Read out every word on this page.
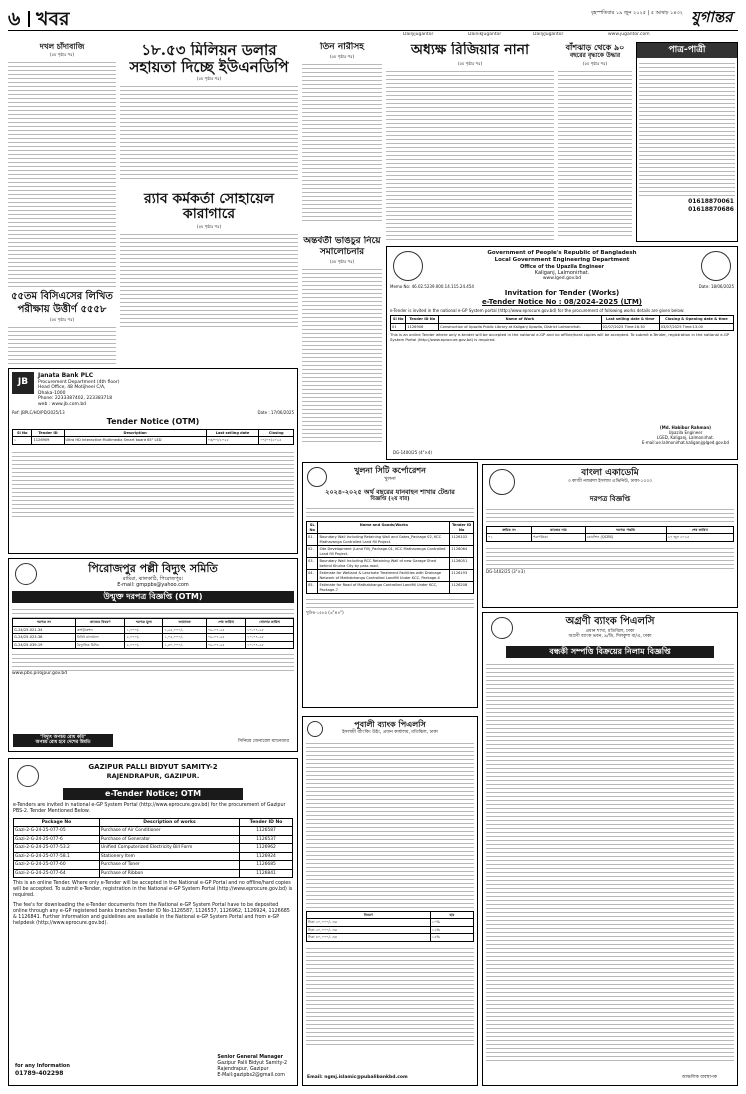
৬ খবর	বৃহস্পতিবার ১৯ জুন ২০২৫ | ৫ আষাঢ় ১৪৩২ যুগান্তর
Dailyjugantor	DainikJugantor	DailyJugantor	www.jugantor.com
দখল চাঁদাবাজি
(৫ম পৃষ্ঠার পর)
৫৫তম বিসিএসের লিখিত পরীক্ষায় উত্তীর্ণ ৫৫৫৮
(৫ম পৃষ্ঠার পর)
১৮.৫৩ মিলিয়ন ডলার সহায়তা দিচ্ছে ইউএনডিপি
(৫ম পৃষ্ঠার পর)
র‍্যাব কর্মকর্তা সোহায়েল কারাগারে
(৫ম পৃষ্ঠার পর)
তিন নারীসহ
(৫ম পৃষ্ঠার পর)
অন্তর্বর্তী ভাঙচুর নিয়ে সমালোচনার
(৫ম পৃষ্ঠার পর)
অধ্যক্ষ রিজিয়ার নানা
(৫ম পৃষ্ঠার পর)
বাঁশঝাড় থেকে ৯০
বছরের বৃদ্ধাকে উদ্ধার
(৫ম পৃষ্ঠার পর)
পাত্র-পাত্রী
01618870061
01618870686
Government of People's Republic of Bangladesh
Local Government Engineering Department
Office of the Upazila Engineer
Kaliganj, Lalmonirhat.
www.lged.gov.bd
Memo No: 46.02.5239.000.14.115.24.454	Date: 18/06/2025
Invitation for Tender (Works)
e-Tender Notice No : 08/2024-2025 (LTM)
e-Tender is invited in the national e-GP System portal (http://www.eprocure.gov.bd) for the procurement of following works details are given below:
Sl No	Tender ID No	Name of Work	Last selling date & time	Closing & Opening date & time
01	1126906	Construction of Upazila Public Library at Kaliganj Upazila, District Lalmonirhat.	02/07/2025 Time:16.30	03/07/2025 Time:13.00
This is an online Tender where only e-tender will be accepted in the national e-GP and no offline/hard copies will be accepted. To submit e-Tender, registration in the national e-GP System Portal (http://www.eprocure.gov.bd) is required.
(Md. Habibur Rahman)
Upazila Engineer
LGED, Kaliganj, Lalmonirhat.
E-mail:ue.lalmonirhat.kaliganj@lged.gov.bd
DG-1400/25 (4"×4)
JB
Janata Bank PLC
Procurement Department (4th floor)
Head Office, 48 Motijheel C/A,
Dhaka-1000
Phone: 2233387402, 223383718
web : www.jb.com.bd
Ref: JBPLC/HO/PD/2025/13	Date : 17/06/2025
Tender Notice (OTM)
Sl No	Tender ID	Description	Last selling date	Closing
১	1126909	Ultra HD Interactive Multimedia Smart board 65" LED	০৩/০৭/২০২৫	০৭/০৭/২০২৫
খুলনা সিটি কর্পোরেশন
খুলনা
২০২৪-২০২৫ অর্থ বছরের যানবাহন শাখার টেন্ডার
বিজ্ঞপ্তি (২য় বার)
SL No	Name and Goods/Works	Tender ID No
01.	Boundary Wall Including Retaining Wall and Gates_Package 02, KCC Mathavanga Controlled Land fill Project.	1126102
02.	Site Development (Land Fill)_Package-01, KCC Mathavanga Controlled Land fill Project.	1126064
03.	Boundary Wall Including RCC Retaining Wall of new Garage Shed behind Khulna City by pass road.	1126051
04.	Estimate for Wetland & Leachate Treatment Facilities with Drainage Network of Mathabhanga Controlled Landfill Under KCC, Package-4	1126193
05.	Estimate for Road of Mathabhanga Controlled Landfill Under KCC, Package-7	1126208
খুসিক-১৫৮৫ (৩"×৪")
বাংলা একাডেমি
৩ কাজী নজরুল ইসলাম এভিনিউ, ঢাকা-১০০০
দরপত্র বিজ্ঞপ্তি
ক্রমিক নং	কাজের নাম	দরপত্র পদ্ধতি	শেষ তারিখ
০১	পত্রপত্রিকা	কোটেশন (QCBS)	২৭ জুন ২০২৫
DG-1402/25 (3"×3)
পিরোজপুর পল্লী বিদ্যুৎ সমিতি
রামিরা, ঝালকাঠি, পিরোজপুর।
E-mail: gmppbs@yahoo.com
উন্মুক্ত দরপত্র বিজ্ঞপ্তি (OTM)
দরপত্র নং	কাজের বিবরণ	দরপত্র মূল্য	জামানত	শেষ তারিখ	খোলার তারিখ
G-24/25-021-34	কন্সট্রাকশন	১,০০০/-	১,২৫,০০০/-	০৯-০৭-২৫	১০-০৭-২৫
G-24/25-023-38	বিবিধ মালামাল	২,০০০/-	১,০৫,০০০/-	০৯-০৭-২৫	১০-০৭-২৫
G-24/25-039-19	বৈদ্যুতিক মিটার	২,০০০/-	১,৫০,০০০/-	০৯-০৭-২৫	১০-০৭-২৫
www.pbs.pirojpur.gov.bd
"বিদ্যুৎ অপচয় রোধ করি"
অপচয় রোধ হবে দেশের উন্নতি	সিনিয়র জেনারেল ম্যানেজার
GAZIPUR PALLI BIDYUT SAMITY-2
RAJENDRAPUR, GAZIPUR.
e-Tender Notice; OTM
e-Tenders are invited in national e-GP System Portal (http://www.eprocure.gov.bd) for the procurement of Gazipur PBS-2. Tender Mentioned Below.
Package No	Description of works	Tender ID No
Gazi-2-G-24-25-077-05	Purchase of Air Conditioner	1126587
Gazi-2-G-24-25-077-6	Purchase of Generator	1126537
Gazi-2-G-24-25-077-53.2	Unified Computerized Electricity Bill Form	1126962
Gazi-2-G-24-25-077-58.1	Stationery Item	1126924
Gazi-2-G-24-25-077-60	Purchase of Toner	1126685
Gazi-2-G-24-25-077-64	Purchase of Ribbon	1126841
This is an online Tender. Where only e-Tender will be accepted in the National e-GP Portal and no offline/hard copies will be accepted. To submit e-Tender, registration in the National e-GP System Portal (http://www.eprocure.gov.bd) is required.
The fee's for downloading the e-Tender documents from the National e-GP System Portal have to be deposited online through any e-GP registered banks branches Tender ID No-1126587, 1126537, 1126962, 1126924, 1126685 & 1126841. Further information and guidelines are available in the National e-GP System Portal and from e-GP helpdesk (http://www.eprocure.gov.bd).
for any Information
01789-402298
Senior General Manager
Gazipur Palli Bidyut Samity-2
Rajendrapur, Gazipur
E-Mail:gazipbs2@gmail.com
পূবালী ব্যাংক পিএলসি
ইসলামী ব্যাংকিং উইং, প্রধান কার্যালয়, মতিঝিল, ঢাকা
বিবরণ	হার
টাকা ২০,০০০/- এর	১০%
টাকা ২০,০০০/- এর	১২%
টাকা ৪০,০০০/- এর	১৫%
Email: ngmj.islamic@pubalibankbd.com
অগ্রণী ব্যাংক পিএলসি
প্রধান শাখা, মতিঝিল, ঢাকা
অগ্রণী ব্যাংক ভবন, ৯/ডি, দিলকুশা বা/এ, ঢাকা
বন্ধকী সম্পত্তি বিক্রয়ের নিলাম বিজ্ঞপ্তি
আঞ্চলিক ব্যবস্থাপক
